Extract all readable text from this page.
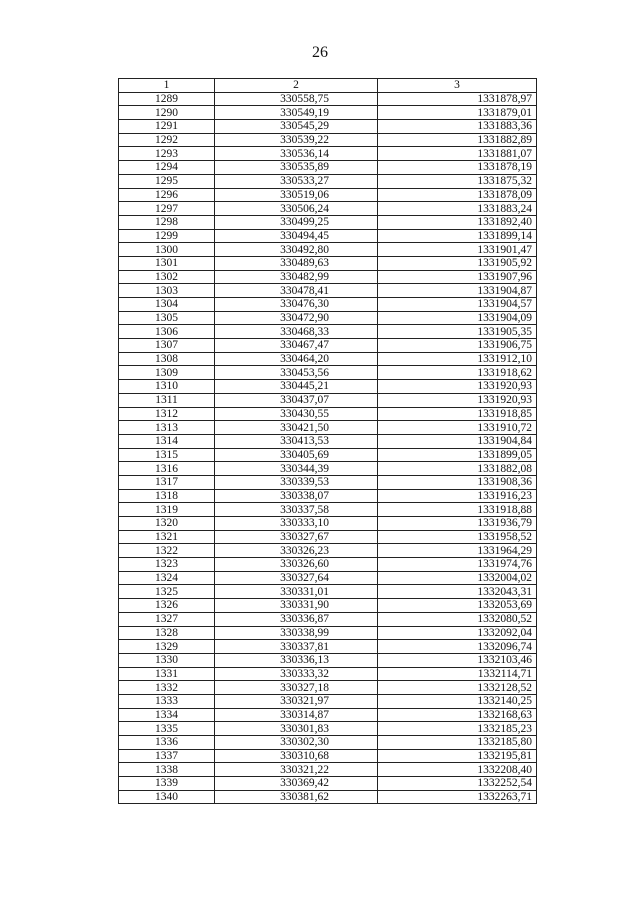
26
1	2	3
1289	330558,75	1331878,97
1290	330549,19	1331879,01
1291	330545,29	1331883,36
1292	330539,22	1331882,89
1293	330536,14	1331881,07
1294	330535,89	1331878,19
1295	330533,27	1331875,32
1296	330519,06	1331878,09
1297	330506,24	1331883,24
1298	330499,25	1331892,40
1299	330494,45	1331899,14
1300	330492,80	1331901,47
1301	330489,63	1331905,92
1302	330482,99	1331907,96
1303	330478,41	1331904,87
1304	330476,30	1331904,57
1305	330472,90	1331904,09
1306	330468,33	1331905,35
1307	330467,47	1331906,75
1308	330464,20	1331912,10
1309	330453,56	1331918,62
1310	330445,21	1331920,93
1311	330437,07	1331920,93
1312	330430,55	1331918,85
1313	330421,50	1331910,72
1314	330413,53	1331904,84
1315	330405,69	1331899,05
1316	330344,39	1331882,08
1317	330339,53	1331908,36
1318	330338,07	1331916,23
1319	330337,58	1331918,88
1320	330333,10	1331936,79
1321	330327,67	1331958,52
1322	330326,23	1331964,29
1323	330326,60	1331974,76
1324	330327,64	1332004,02
1325	330331,01	1332043,31
1326	330331,90	1332053,69
1327	330336,87	1332080,52
1328	330338,99	1332092,04
1329	330337,81	1332096,74
1330	330336,13	1332103,46
1331	330333,32	1332114,71
1332	330327,18	1332128,52
1333	330321,97	1332140,25
1334	330314,87	1332168,63
1335	330301,83	1332185,23
1336	330302,30	1332185,80
1337	330310,68	1332195,81
1338	330321,22	1332208,40
1339	330369,42	1332252,54
1340	330381,62	1332263,71
